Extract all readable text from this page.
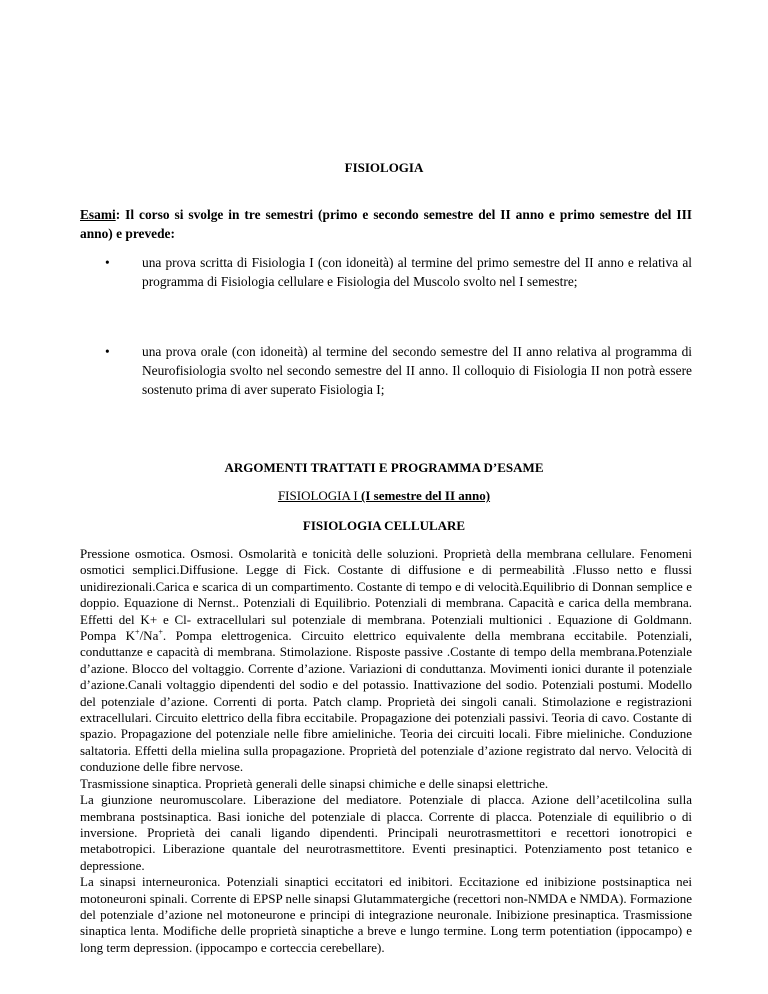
FISIOLOGIA
Esami: Il corso si svolge in tre semestri (primo e secondo semestre del II anno e primo semestre del III anno) e prevede:
• una prova scritta di Fisiologia I (con idoneità) al termine del primo semestre del II anno e relativa al programma di Fisiologia cellulare e Fisiologia del Muscolo svolto nel I semestre;
• una prova orale (con idoneità) al termine del secondo semestre del II anno relativa al programma di Neurofisiologia svolto nel secondo semestre del II anno. Il colloquio di Fisiologia II non potrà essere sostenuto prima di aver superato Fisiologia I;
ARGOMENTI TRATTATI E PROGRAMMA D’ESAME
FISIOLOGIA I (I semestre del II anno)
FISIOLOGIA CELLULARE

Pressione osmotica. Osmosi. Osmolarità e tonicità delle soluzioni. Proprietà della membrana cellulare. Fenomeni osmotici semplici.Diffusione. Legge di Fick. Costante di diffusione e di permeabilità .Flusso netto e flussi unidirezionali.Carica e scarica di un compartimento. Costante di tempo e di velocità.Equilibrio di Donnan semplice e doppio. Equazione di Nernst.. Potenziali di Equilibrio. Potenziali di membrana. Capacità e carica della membrana. Effetti del K+ e Cl- extracellulari sul potenziale di membrana. Potenziali multionici . Equazione di Goldmann. Pompa K+/Na+. Pompa elettrogenica. Circuito elettrico equivalente della membrana eccitabile. Potenziali, conduttanze e capacità di membrana. Stimolazione. Risposte passive .Costante di tempo della membrana.Potenziale d’azione. Blocco del voltaggio. Corrente d’azione. Variazioni di conduttanza. Movimenti ionici durante il potenziale d’azione.Canali voltaggio dipendenti del sodio e del potassio. Inattivazione del sodio. Potenziali postumi. Modello del potenziale d’azione. Correnti di porta. Patch clamp. Proprietà dei singoli canali. Stimolazione e registrazioni extracellulari. Circuito elettrico della fibra eccitabile. Propagazione dei potenziali passivi. Teoria di cavo. Costante di spazio. Propagazione del potenziale nelle fibre amieliniche. Teoria dei circuiti locali. Fibre mieliniche. Conduzione saltatoria. Effetti della mielina sulla propagazione. Proprietà del potenziale d’azione registrato dal nervo. Velocità di conduzione delle fibre nervose.

Trasmissione sinaptica. Proprietà generali delle sinapsi chimiche e delle sinapsi elettriche.

La giunzione neuromuscolare. Liberazione del mediatore. Potenziale di placca. Azione dell’acetilcolina sulla membrana postsinaptica. Basi ioniche del potenziale di placca. Corrente di placca. Potenziale di equilibrio o di inversione. Proprietà dei canali ligando dipendenti. Principali neurotrasmettitori e recettori ionotropici e metabotropici. Liberazione quantale del neurotrasmettitore. Eventi presinaptici. Potenziamento post tetanico e depressione.

La sinapsi interneuronica. Potenziali sinaptici eccitatori ed inibitori. Eccitazione ed inibizione postsinaptica nei motoneuroni spinali. Corrente di EPSP nelle sinapsi Glutammatergiche (recettori non-NMDA e NMDA). Formazione del potenziale d’azione nel motoneurone e principi di integrazione neuronale. Inibizione presinaptica. Trasmissione sinaptica lenta. Modifiche delle proprietà sinaptiche a breve e lungo termine. Long term potentiation (ippocampo) e long term depression. (ippocampo e corteccia cerebellare).
